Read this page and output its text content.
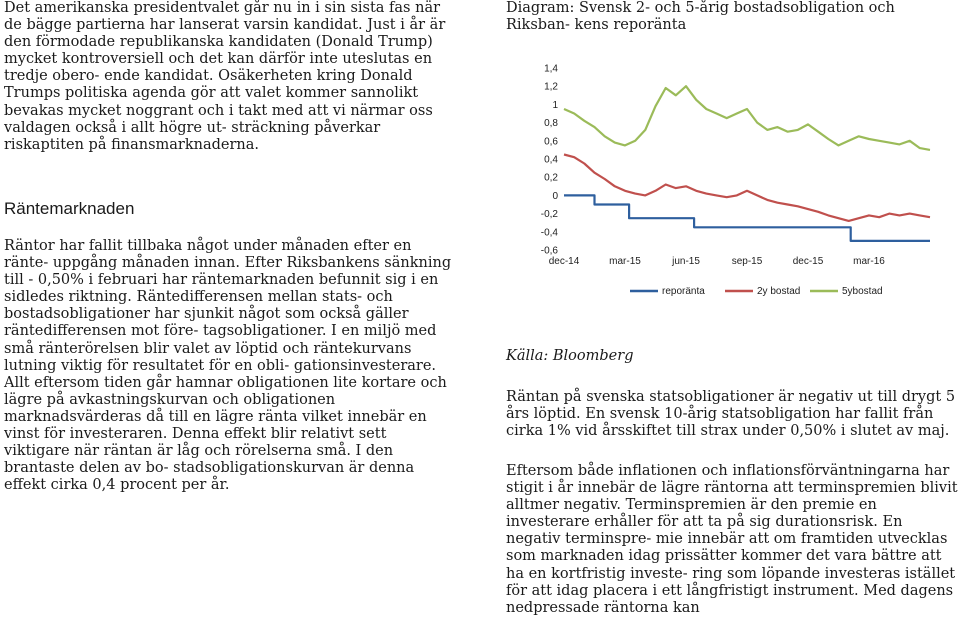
Det amerikanska presidentvalet går nu in i sin sista fas när de bägge partierna har lanserat varsin kandidat. Just i år är den förmodade republikanska kandidaten (Donald Trump) mycket kontroversiell och det kan därför inte uteslutas en tredje obero- ende kandidat. Osäkerheten kring Donald Trumps politiska agenda gör att valet kommer sannolikt bevakas mycket noggrant och i takt med att vi närmar oss valdagen också i allt högre ut- sträckning påverkar riskaptiten på finansmarknaderna.

Räntemarknaden

Räntor har fallit tillbaka något under månaden efter en ränte- uppgång månaden innan. Efter Riksbankens sänkning till - 0,50% i februari har räntemarknaden befunnit sig i en sidledes riktning. Räntedifferensen mellan stats- och bostadsobligationer har sjunkit något som också gäller räntedifferensen mot före- tagsobligationer. I en miljö med små ränterörelsen blir valet av löptid och räntekurvans lutning viktig för resultatet för en obli- gationsinvesterare. Allt eftersom tiden går hamnar obligationen lite kortare och lägre på avkastningskurvan och obligationen marknadsvärderas då till en lägre ränta vilket innebär en vinst för investeraren. Denna effekt blir relativt sett viktigare när räntan är låg och rörelserna små. I den brantaste delen av bo- stadsobligationskurvan är denna effekt cirka 0,4 procent per år.

Diagram: Svensk 2- och 5-årig bostadsobligation och Riksban- kens reporänta

1,4
1,2
1
0,8
0,6
0,4
0,2
0
-0,2
-0,4
-0,6
dec-14	mar-15	jun-15	sep-15	dec-15	mar-16
reporänta	2y bostad	5ybostad
Källa: Bloomberg

Räntan på svenska statsobligationer är negativ ut till drygt 5 års löptid. En svensk 10-årig statsobligation har fallit från cirka 1% vid årsskiftet till strax under 0,50% i slutet av maj.

Eftersom både inflationen och inflationsförväntningarna har stigit i år innebär de lägre räntorna att terminspremien blivit alltmer negativ. Terminspremien är den premie en investerare erhåller för att ta på sig durationsrisk. En negativ terminspre- mie innebär att om framtiden utvecklas som marknaden idag prissätter kommer det vara bättre att ha en kortfristig investe- ring som löpande investeras istället för att idag placera i ett långfristigt instrument. Med dagens nedpressade räntorna kan
